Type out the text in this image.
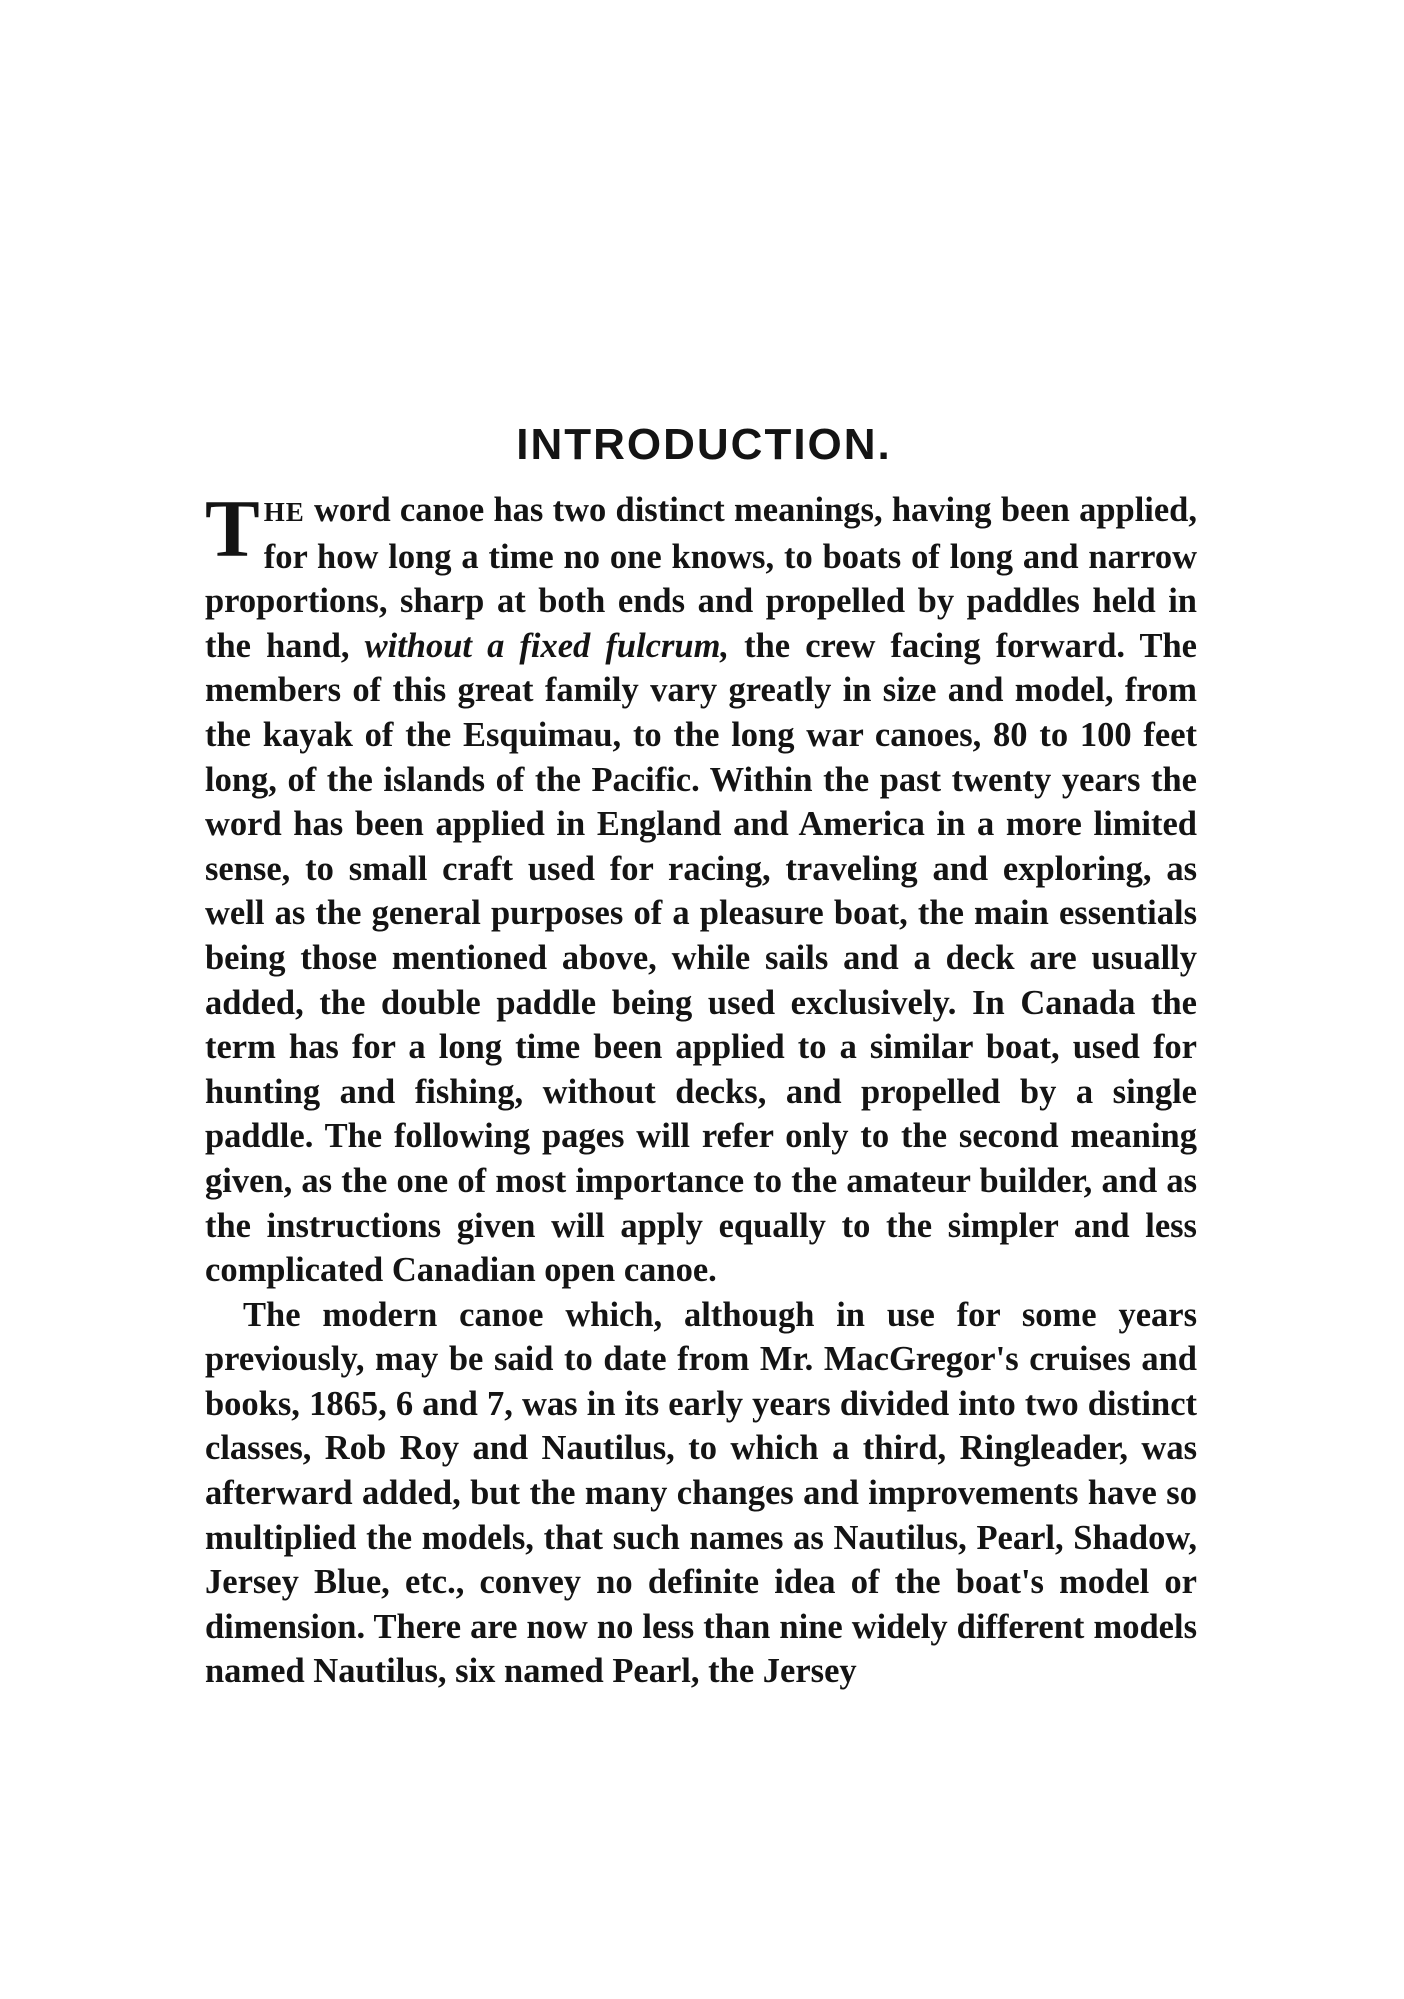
INTRODUCTION.

THE word canoe has two distinct meanings, having been applied, for how long a time no one knows, to boats of long and narrow proportions, sharp at both ends and propelled by paddles held in the hand, without a fixed fulcrum, the crew facing forward. The members of this great family vary greatly in size and model, from the kayak of the Esquimau, to the long war canoes, 80 to 100 feet long, of the islands of the Pacific. Within the past twenty years the word has been applied in England and America in a more limited sense, to small craft used for racing, traveling and exploring, as well as the general purposes of a pleasure boat, the main essentials being those mentioned above, while sails and a deck are usually added, the double paddle being used exclusively. In Canada the term has for a long time been applied to a similar boat, used for hunting and fishing, without decks, and propelled by a single paddle. The following pages will refer only to the second meaning given, as the one of most importance to the amateur builder, and as the instructions given will apply equally to the simpler and less complicated Canadian open canoe.

The modern canoe which, although in use for some years previously, may be said to date from Mr. MacGregor's cruises and books, 1865, 6 and 7, was in its early years divided into two distinct classes, Rob Roy and Nautilus, to which a third, Ringleader, was afterward added, but the many changes and improvements have so multiplied the models, that such names as Nautilus, Pearl, Shadow, Jersey Blue, etc., convey no definite idea of the boat's model or dimension. There are now no less than nine widely different models named Nautilus, six named Pearl, the Jersey
